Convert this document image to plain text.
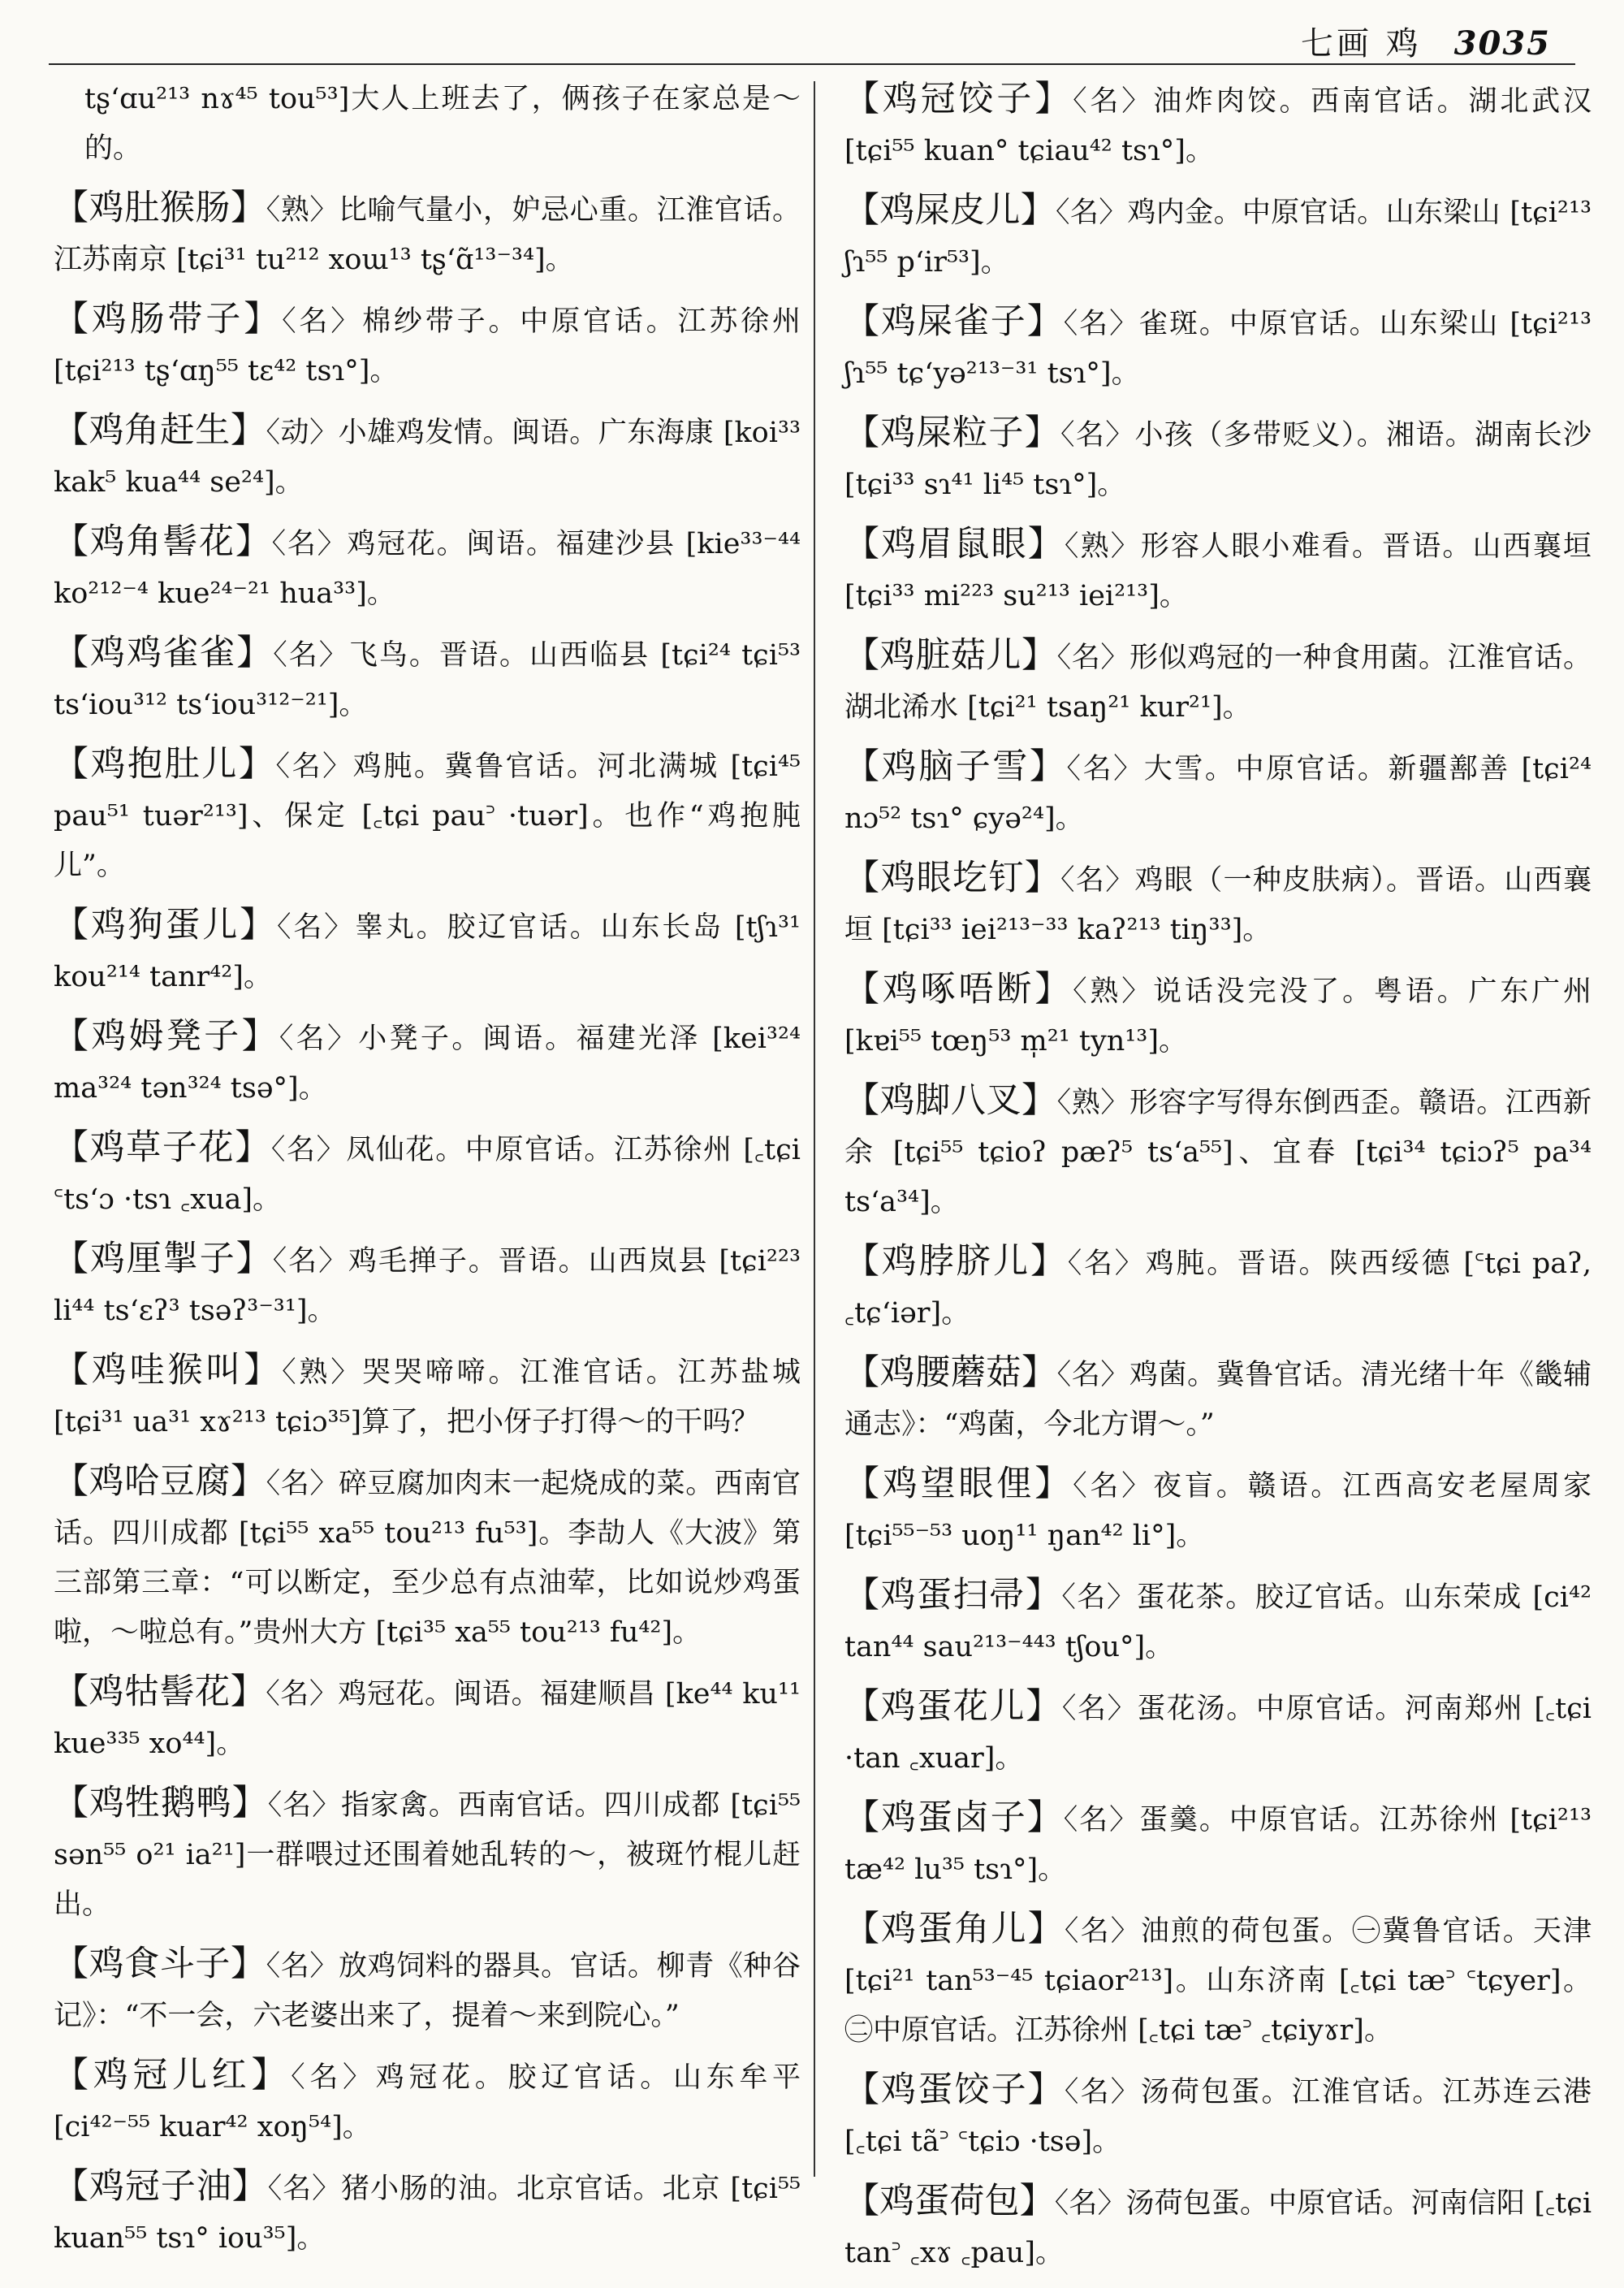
七画 鸡 3035
tʂʻɑu²¹³ nɤ⁴⁵ tou⁵³]大人上班去了，俩孩子在家总是～的。
【鸡肚猴肠】〈熟〉比喻气量小，妒忌心重。江淮官话。江苏南京 [tɕi³¹ tu²¹² xoɯ¹³ tʂʻɑ̃¹³⁻³⁴]。
【鸡肠带子】〈名〉棉纱带子。中原官话。江苏徐州 [tɕi²¹³ tʂʻɑŋ⁵⁵ tɛ⁴² tsɿ°]。
【鸡角赶生】〈动〉小雄鸡发情。闽语。广东海康 [koi³³ kak⁵ kua⁴⁴ se²⁴]。
【鸡角髻花】〈名〉鸡冠花。闽语。福建沙县 [kie³³⁻⁴⁴ ko²¹²⁻⁴ kue²⁴⁻²¹ hua³³]。
【鸡鸡雀雀】〈名〉飞鸟。晋语。山西临县 [tɕi²⁴ tɕi⁵³ tsʻiou³¹² tsʻiou³¹²⁻²¹]。
【鸡抱肚儿】〈名〉鸡肫。冀鲁官话。河北满城 [tɕi⁴⁵ pau⁵¹ tuər²¹³]、保定 [꜀tɕi pau꜄ ·tuər]。也作“鸡抱肫儿”。
【鸡狗蛋儿】〈名〉睾丸。胶辽官话。山东长岛 [tʃɿ³¹ kou²¹⁴ tanr⁴²]。
【鸡姆凳子】〈名〉小凳子。闽语。福建光泽 [kei³²⁴ ma³²⁴ tən³²⁴ tsə°]。
【鸡草子花】〈名〉凤仙花。中原官话。江苏徐州 [꜀tɕi ꜂tsʻɔ ·tsɿ ꜀xua]。
【鸡厘掣子】〈名〉鸡毛掸子。晋语。山西岚县 [tɕi²²³ li⁴⁴ tsʻɛʔ³ tsəʔ³⁻³¹]。
【鸡哇猴叫】〈熟〉哭哭啼啼。江淮官话。江苏盐城 [tɕi³¹ ua³¹ xɤ²¹³ tɕiɔ³⁵]算了，把小伢子打得～的干吗？
【鸡哈豆腐】〈名〉碎豆腐加肉末一起烧成的菜。西南官话。四川成都 [tɕi⁵⁵ xa⁵⁵ tou²¹³ fu⁵³]。李劼人《大波》第三部第三章：“可以断定，至少总有点油荤，比如说炒鸡蛋啦，～啦总有。”贵州大方 [tɕi³⁵ xa⁵⁵ tou²¹³ fu⁴²]。
【鸡牯髻花】〈名〉鸡冠花。闽语。福建顺昌 [ke⁴⁴ ku¹¹ kue³³⁵ xo⁴⁴]。
【鸡牲鹅鸭】〈名〉指家禽。西南官话。四川成都 [tɕi⁵⁵ sən⁵⁵ o²¹ ia²¹]一群喂过还围着她乱转的～，被斑竹棍儿赶出。
【鸡食斗子】〈名〉放鸡饲料的器具。官话。柳青《种谷记》：“不一会，六老婆出来了，提着～来到院心。”
【鸡冠儿红】〈名〉鸡冠花。胶辽官话。山东牟平 [ci⁴²⁻⁵⁵ kuar⁴² xoŋ⁵⁴]。
【鸡冠子油】〈名〉猪小肠的油。北京官话。北京 [tɕi⁵⁵ kuan⁵⁵ tsɿ° iou³⁵]。
【鸡冠饺子】〈名〉油炸肉饺。西南官话。湖北武汉 [tɕi⁵⁵ kuan° tɕiau⁴² tsɿ°]。
【鸡屎皮儿】〈名〉鸡内金。中原官话。山东梁山 [tɕi²¹³ ʃɿ⁵⁵ pʻir⁵³]。
【鸡屎雀子】〈名〉雀斑。中原官话。山东梁山 [tɕi²¹³ ʃɿ⁵⁵ tɕʻyə²¹³⁻³¹ tsɿ°]。
【鸡屎粒子】〈名〉小孩（多带贬义）。湘语。湖南长沙 [tɕi³³ sɿ⁴¹ li⁴⁵ tsɿ°]。
【鸡眉鼠眼】〈熟〉形容人眼小难看。晋语。山西襄垣 [tɕi³³ mi²²³ su²¹³ iei²¹³]。
【鸡脏菇儿】〈名〉形似鸡冠的一种食用菌。江淮官话。湖北浠水 [tɕi²¹ tsaŋ²¹ kur²¹]。
【鸡脑子雪】〈名〉大雪。中原官话。新疆鄯善 [tɕi²⁴ nɔ⁵² tsɿ° ɕyə²⁴]。
【鸡眼圪钉】〈名〉鸡眼（一种皮肤病）。晋语。山西襄垣 [tɕi³³ iei²¹³⁻³³ kaʔ²¹³ tiŋ³³]。
【鸡啄唔断】〈熟〉说话没完没了。粤语。广东广州 [kɐi⁵⁵ tœŋ⁵³ m̩²¹ tyn¹³]。
【鸡脚八叉】〈熟〉形容字写得东倒西歪。赣语。江西新余 [tɕi⁵⁵ tɕioʔ pæʔ⁵ tsʻa⁵⁵]、宜春 [tɕi³⁴ tɕiɔʔ⁵ pa³⁴ tsʻa³⁴]。
【鸡脖脐儿】〈名〉鸡肫。晋语。陕西绥德 [꜂tɕi paʔ, ꜀tɕʻiər]。
【鸡腰蘑菇】〈名〉鸡菌。冀鲁官话。清光绪十年《畿辅通志》：“鸡菌，今北方谓～。”
【鸡望眼俚】〈名〉夜盲。赣语。江西高安老屋周家 [tɕi⁵⁵⁻⁵³ uoŋ¹¹ ŋan⁴² li°]。
【鸡蛋扫帚】〈名〉蛋花茶。胶辽官话。山东荣成 [ci⁴² tan⁴⁴ sau²¹³⁻⁴⁴³ tʃou°]。
【鸡蛋花儿】〈名〉蛋花汤。中原官话。河南郑州 [꜀tɕi ·tan ꜀xuar]。
【鸡蛋卤子】〈名〉蛋羹。中原官话。江苏徐州 [tɕi²¹³ tæ⁴² lu³⁵ tsɿ°]。
【鸡蛋角儿】〈名〉油煎的荷包蛋。㊀冀鲁官话。天津 [tɕi²¹ tan⁵³⁻⁴⁵ tɕiaor²¹³]。山东济南 [꜀tɕi tæ꜄ ꜂tɕyer]。㊁中原官话。江苏徐州 [꜀tɕi tæ꜄ ꜀tɕiyɤr]。
【鸡蛋饺子】〈名〉汤荷包蛋。江淮官话。江苏连云港 [꜀tɕi tã꜄ ꜂tɕiɔ ·tsə]。
【鸡蛋荷包】〈名〉汤荷包蛋。中原官话。河南信阳 [꜀tɕi tan꜄ ꜀xɤ ꜀pau]。
